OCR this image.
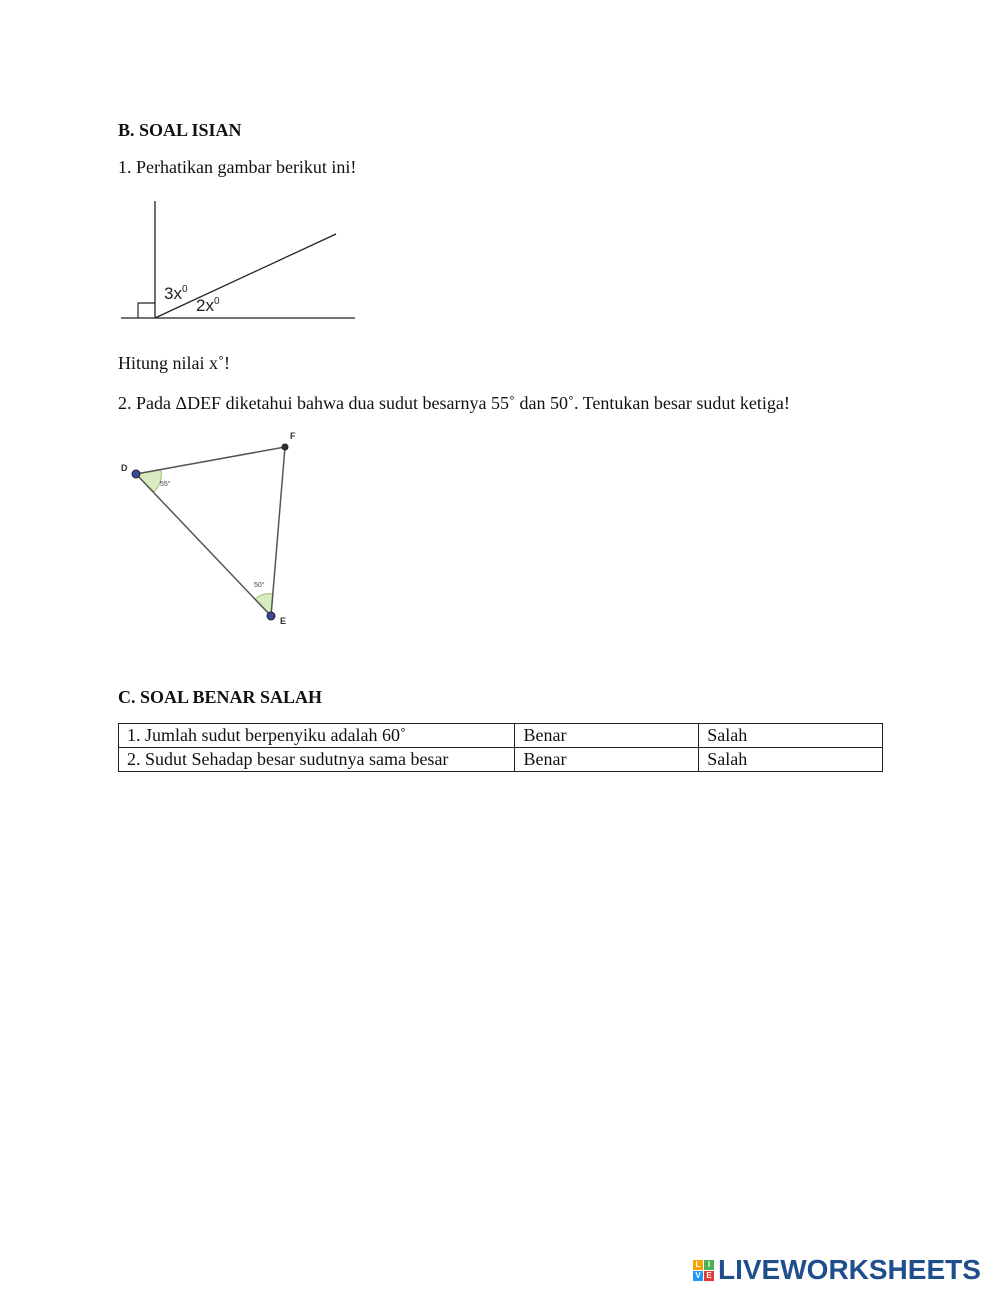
B. SOAL ISIAN
1. Perhatikan gambar berikut ini!
$3x^0$
$2x^0$
Hitung nilai x˚!
2. Pada ΔDEF diketahui bahwa dua sudut besarnya 55˚ dan 50˚. Tentukan besar sudut ketiga!
D
F
E
55°
50°
C. SOAL BENAR SALAH
1. Jumlah sudut berpenyiku adalah 60˚	Benar	Salah
2. Sudut Sehadap besar sudutnya sama besar	Benar	Salah
L I
V E LIVEWORKSHEETS
